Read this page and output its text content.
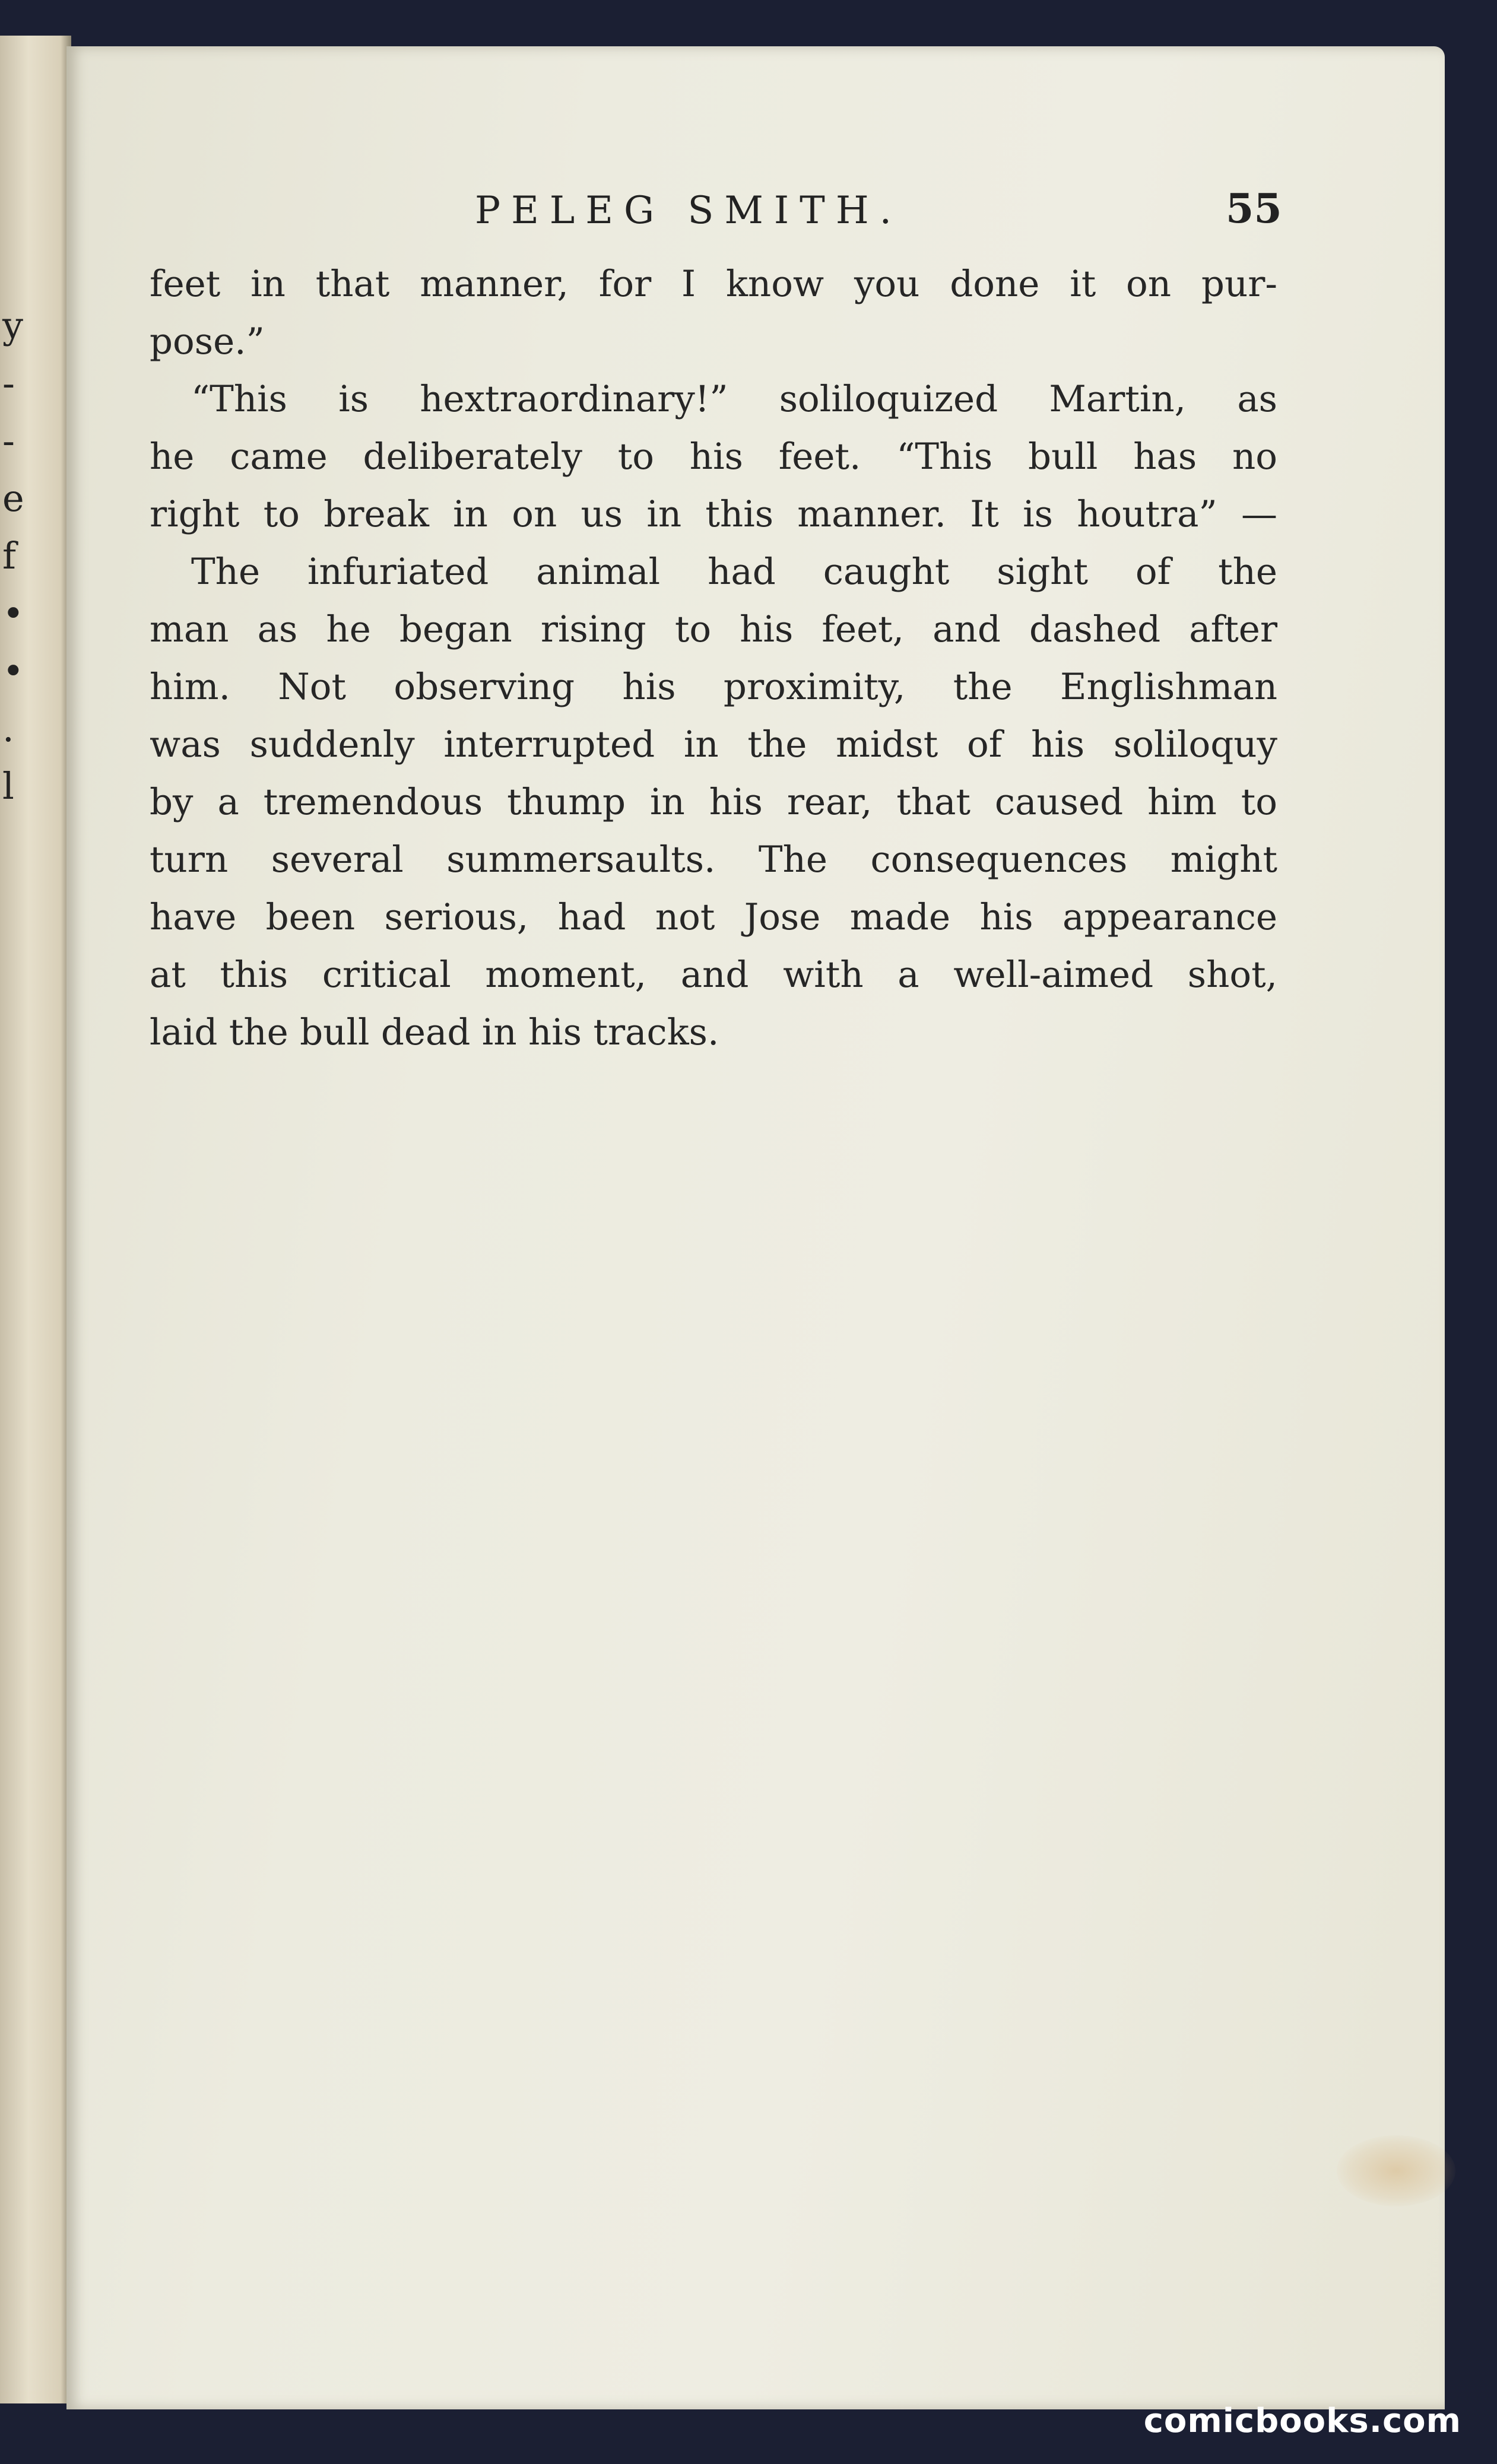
y
-
-
e
f
•
•
.
l
PELEG SMITH.	55
feet in that manner, for I know you done it on pur-
pose.”
“This is hextraordinary!” soliloquized Martin, as
he came deliberately to his feet. “This bull has no
right to break in on us in this manner. It is houtra” —
The infuriated animal had caught sight of the
man as he began rising to his feet, and dashed after
him. Not observing his proximity, the Englishman
was suddenly interrupted in the midst of his soliloquy
by a tremendous thump in his rear, that caused him to
turn several summersaults. The consequences might
have been serious, had not Jose made his appearance
at this critical moment, and with a well-aimed shot,
laid the bull dead in his tracks.
comicbooks.com
